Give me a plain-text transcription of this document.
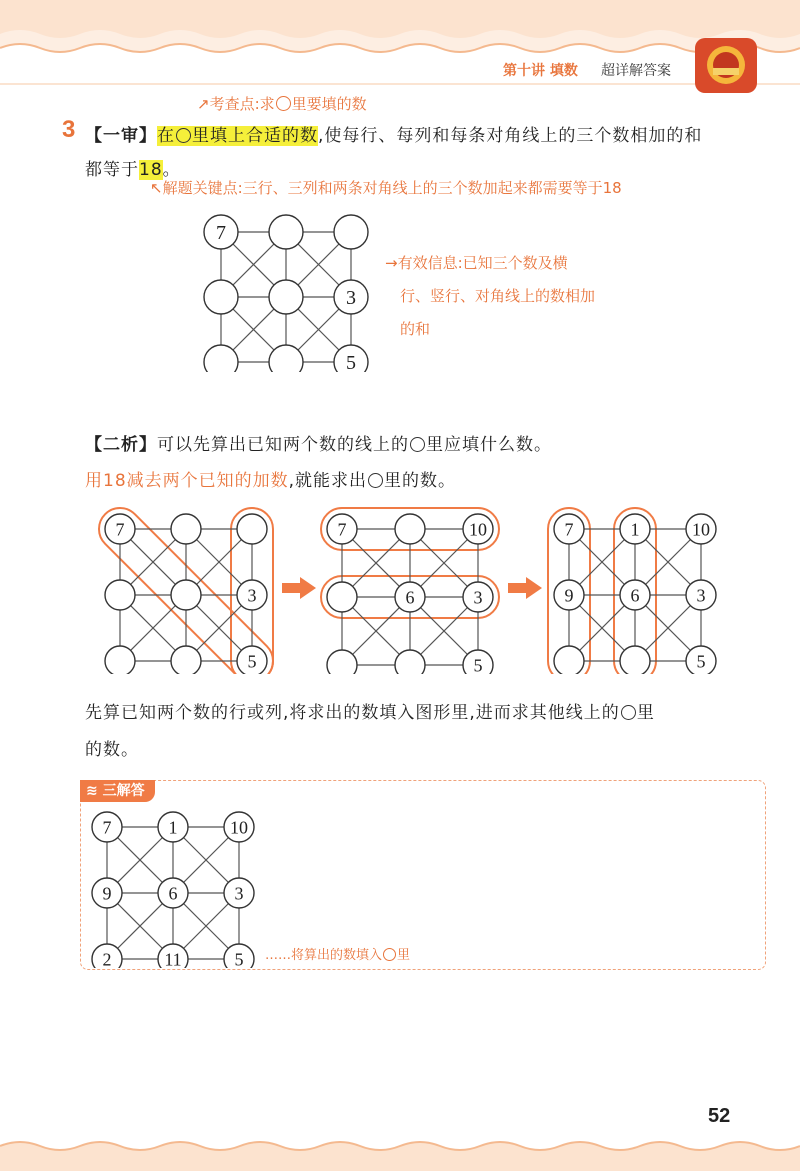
第十讲 填数 超详解答案
3
↗考查点:求 里要填的数
【一审】在 里填上合适的数,使每行、每列和每条对角线上的三个数相加的和
都等于18。
↖解题关键点:三行、三列和两条对角线上的三个数加起来都需要等于18
→有效信息:已知三个数及横
行、竖行、对角线上的数相加
的和
7
3
5
【二析】可以先算出已知两个数的线上的 里应填什么数。
用18减去两个已知的加数,就能求出 里的数。
7
3
5
7	10
6	3
5
7	1	10
9	6	3
5
先算已知两个数的行或列,将求出的数填入图形里,进而求其他线上的 里
的数。
≋ 三解答
7	1	10
9	6	3
2	11	5 ……将算出的数填入 里
52
